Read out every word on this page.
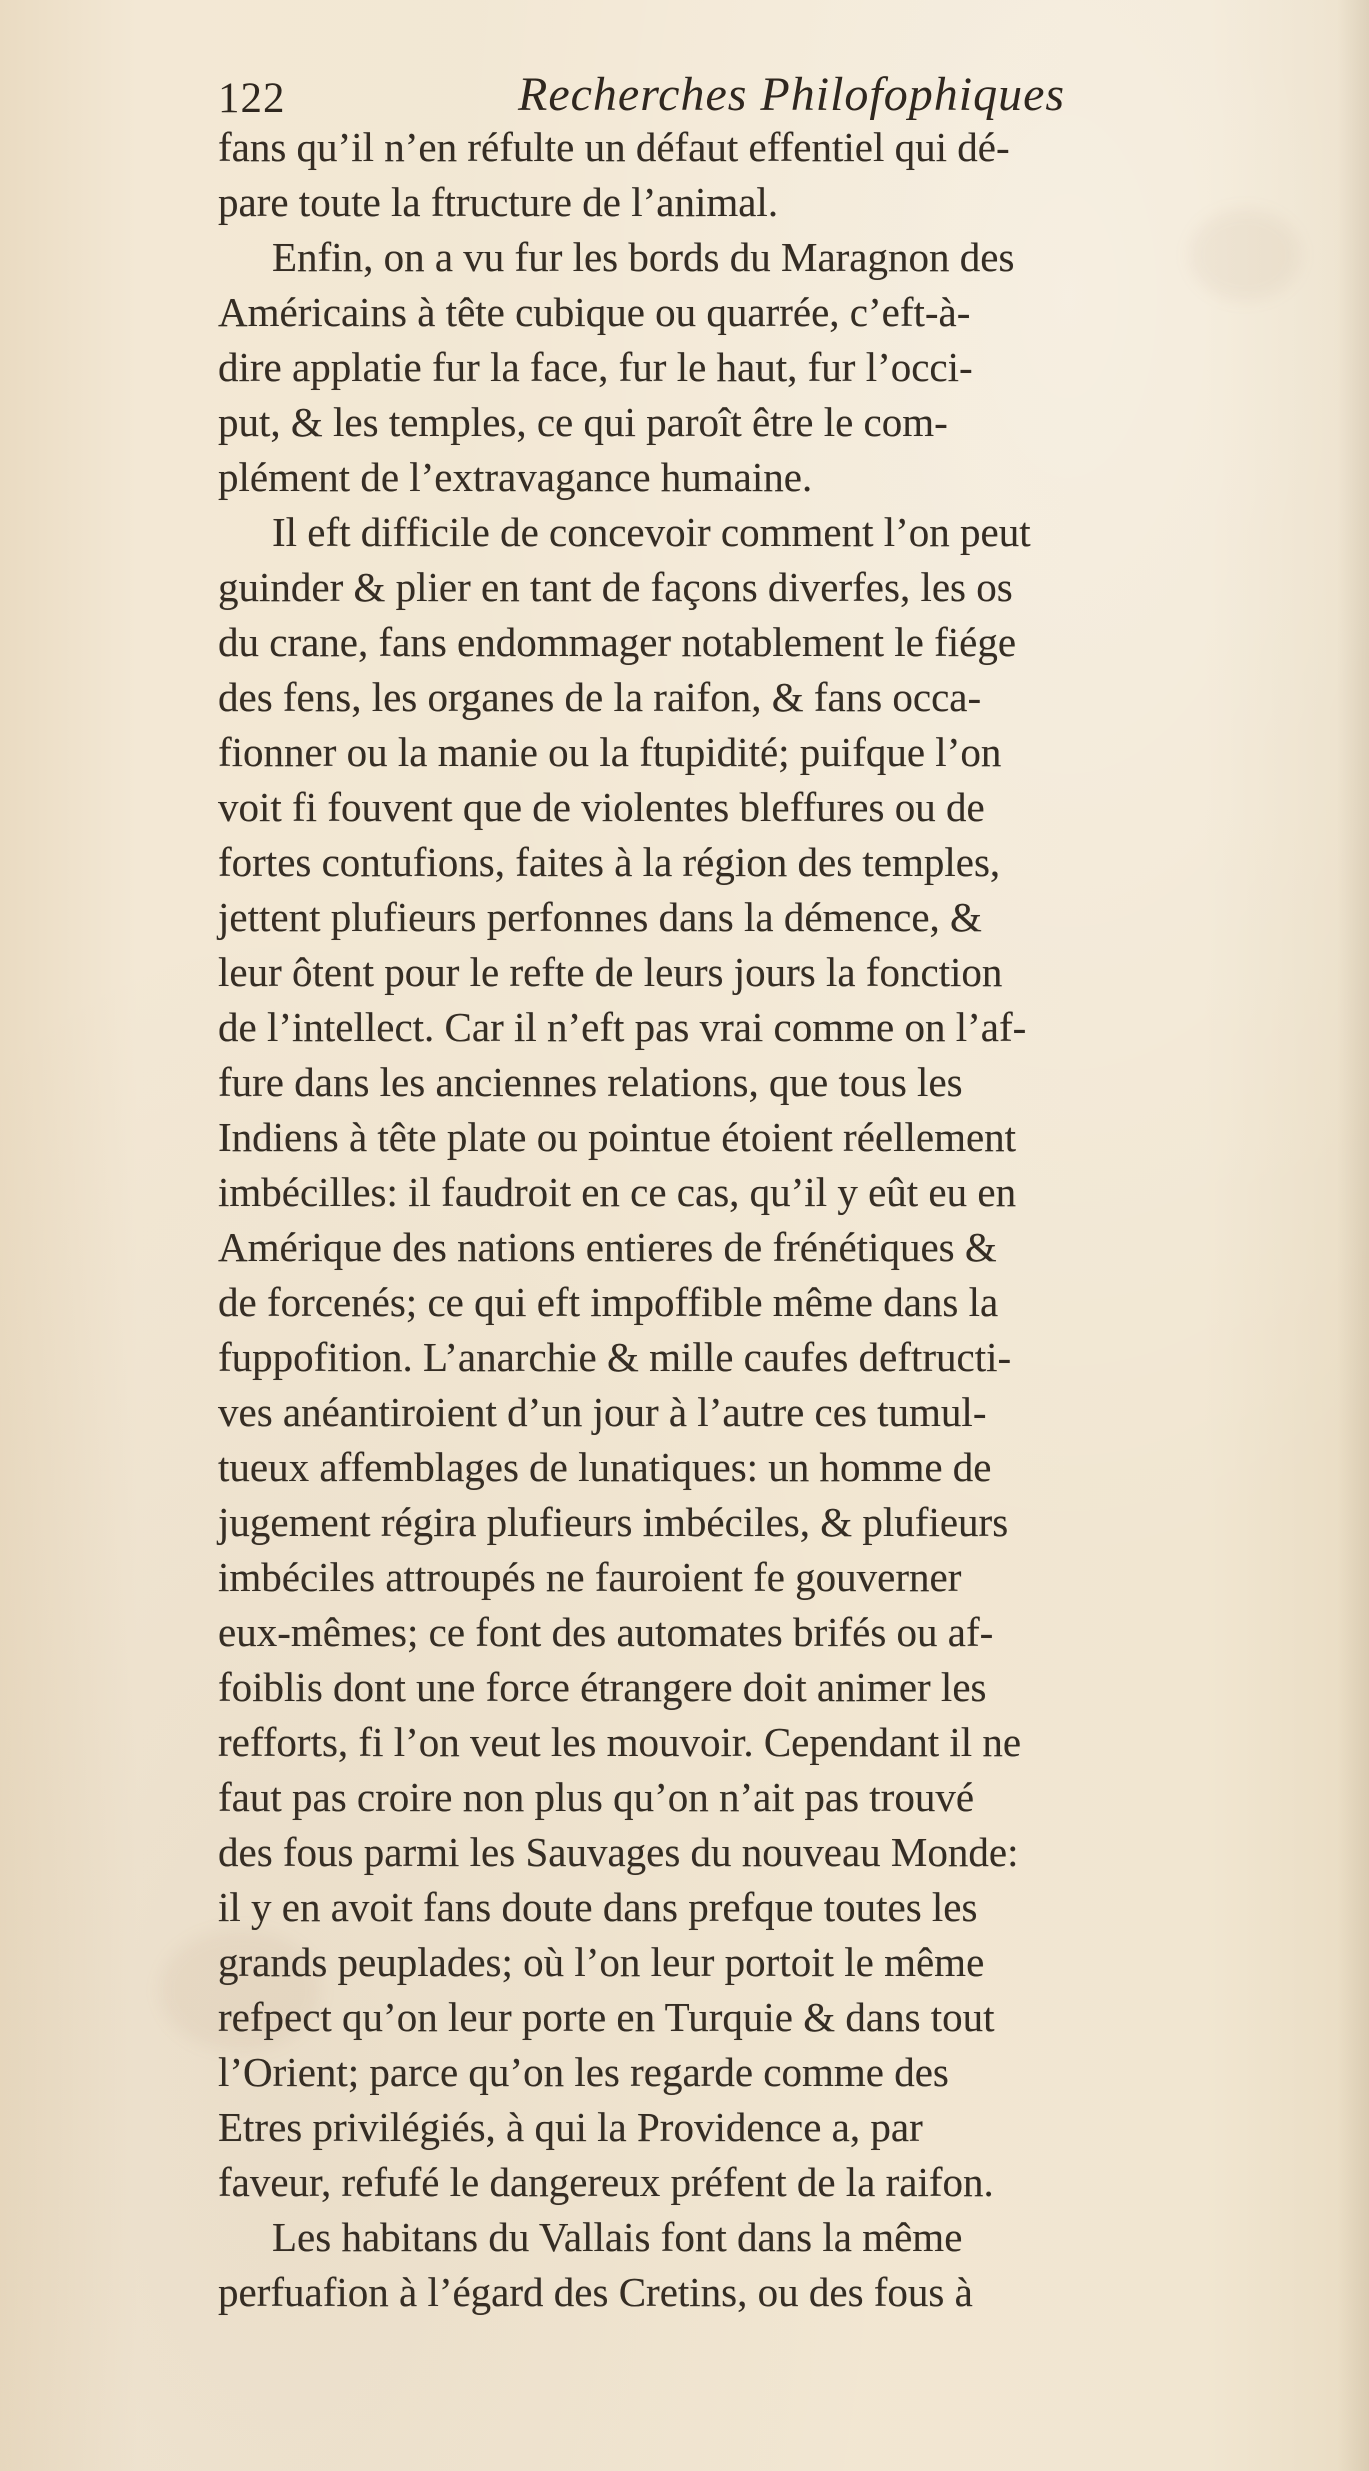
122	Recherches Philofophiques
fans qu’il n’en réfulte un défaut effentiel qui dé-
pare toute la ftructure de l’animal.
Enfin, on a vu fur les bords du Maragnon des
Américains à tête cubique ou quarrée, c’eft-à-
dire applatie fur la face, fur le haut, fur l’occi-
put, & les temples, ce qui paroît être le com-
plément de l’extravagance humaine.
Il eft difficile de concevoir comment l’on peut
guinder & plier en tant de façons diverfes, les os
du crane, fans endommager notablement le fiége
des fens, les organes de la raifon, & fans occa-
fionner ou la manie ou la ftupidité; puifque l’on
voit fi fouvent que de violentes bleffures ou de
fortes contufions, faites à la région des temples,
jettent plufieurs perfonnes dans la démence, &
leur ôtent pour le refte de leurs jours la fonction
de l’intellect. Car il n’eft pas vrai comme on l’af-
fure dans les anciennes relations, que tous les
Indiens à tête plate ou pointue étoient réellement
imbécilles: il faudroit en ce cas, qu’il y eût eu en
Amérique des nations entieres de frénétiques &
de forcenés; ce qui eft impoffible même dans la
fuppofition. L’anarchie & mille caufes deftructi-
ves anéantiroient d’un jour à l’autre ces tumul-
tueux affemblages de lunatiques: un homme de
jugement régira plufieurs imbéciles, & plufieurs
imbéciles attroupés ne fauroient fe gouverner
eux-mêmes; ce font des automates brifés ou af-
foiblis dont une force étrangere doit animer les
refforts, fi l’on veut les mouvoir. Cependant il ne
faut pas croire non plus qu’on n’ait pas trouvé
des fous parmi les Sauvages du nouveau Monde:
il y en avoit fans doute dans prefque toutes les
grands peuplades; où l’on leur portoit le même
refpect qu’on leur porte en Turquie & dans tout
l’Orient; parce qu’on les regarde comme des
Etres privilégiés, à qui la Providence a, par
faveur, refufé le dangereux préfent de la raifon.
Les habitans du Vallais font dans la même
perfuafion à l’égard des Cretins, ou des fous à
